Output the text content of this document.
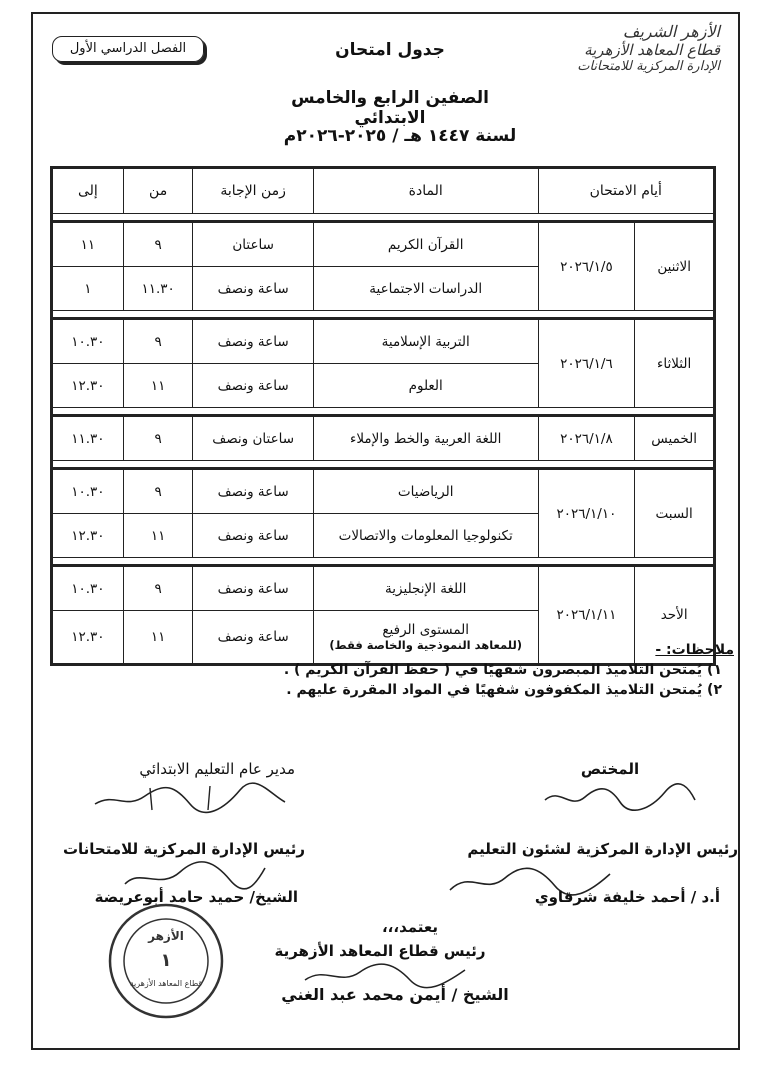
الفصل الدراسي الأول	جدول امتحان
الصفين الرابع والخامس الابتدائي
لسنة ١٤٤٧ هـ / ٢٠٢٥-٢٠٢٦م
الأزهر الشريف
قطاع المعاهد الأزهرية
الإدارة المركزية للامتحانات
أيام الامتحان		المادة	زمن الإجابة	من	إلى

الاثنين	٢٠٢٦/١/٥	القرآن الكريم	ساعتان	٩	١١
		الدراسات الاجتماعية	ساعة ونصف	١١.٣٠	١

الثلاثاء	٢٠٢٦/١/٦	التربية الإسلامية	ساعة ونصف	٩	١٠.٣٠
		العلوم	ساعة ونصف	١١	١٢.٣٠

الخميس	٢٠٢٦/١/٨	اللغة العربية والخط والإملاء	ساعتان ونصف	٩	١١.٣٠

السبت	٢٠٢٦/١/١٠	الرياضيات	ساعة ونصف	٩	١٠.٣٠
		تكنولوجيا المعلومات والاتصالات	ساعة ونصف	١١	١٢.٣٠

الأحد	٢٠٢٦/١/١١	اللغة الإنجليزية	ساعة ونصف	٩	١٠.٣٠
		المستوى الرفيع
(للمعاهد النموذجية والخاصة فقط)	ساعة ونصف	١١	١٢.٣٠
ملاحظات: -
١) يُمتحن التلاميذ المبصرون شفهيًا في ( حفظ القرآن الكريم ) .
٢) يُمتحن التلاميذ المكفوفون شفهيًا في المواد المقررة عليهم .
المختص
مدير عام التعليم الابتدائي
رئيس الإدارة المركزية لشئون التعليم
رئيس الإدارة المركزية للامتحانات
أ.د / أحمد خليفة شرقاوي
الشيخ/ حميد حامد أبوعريضة
يعتمد،،،
رئيس قطاع المعاهد الأزهرية
الشيخ / أيمن محمد عبد الغني
الأزهر
١
قطاع المعاهد الأزهرية
